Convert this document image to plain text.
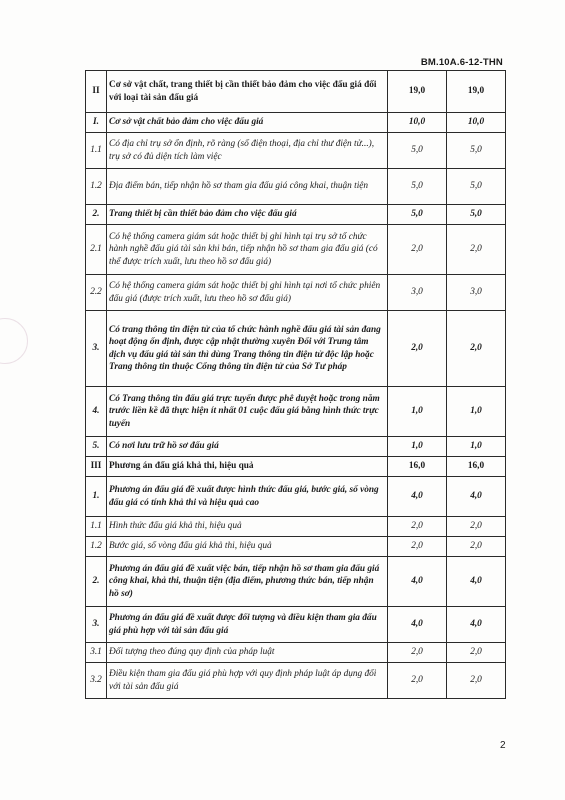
BM.10A.6-12-THN
II	Cơ sở vật chất, trang thiết bị cần thiết bảo đảm cho việc đấu giá đối với loại tài sản đấu giá	19,0	19,0
I.	Cơ sở vật chất bảo đảm cho việc đấu giá	10,0	10,0
1.1	Có địa chỉ trụ sở ổn định, rõ ràng (số điện thoại, địa chỉ thư điện tử...), trụ sở có đủ diện tích làm việc	5,0	5,0
1.2	Địa điểm bán, tiếp nhận hồ sơ tham gia đấu giá công khai, thuận tiện	5,0	5,0
2.	Trang thiết bị cần thiết bảo đảm cho việc đấu giá	5,0	5,0
2.1	Có hệ thống camera giám sát hoặc thiết bị ghi hình tại trụ sở tổ chức hành nghề đấu giá tài sản khi bán, tiếp nhận hồ sơ tham gia đấu giá (có thể được trích xuất, lưu theo hồ sơ đấu giá)	2,0	2,0
2.2	Có hệ thống camera giám sát hoặc thiết bị ghi hình tại nơi tổ chức phiên đấu giá (được trích xuất, lưu theo hồ sơ đấu giá)	3,0	3,0
3.	Có trang thông tin điện tử của tổ chức hành nghề đấu giá tài sản đang hoạt động ổn định, được cập nhật thường xuyên Đối với Trung tâm dịch vụ đấu giá tài sản thì dùng Trang thông tin điện tử độc lập hoặc Trang thông tin thuộc Cổng thông tin điện tử của Sở Tư pháp	2,0	2,0
4.	Có Trang thông tin đấu giá trực tuyến được phê duyệt hoặc trong năm trước liền kề đã thực hiện ít nhất 01 cuộc đấu giá bằng hình thức trực tuyến	1,0	1,0
5.	Có nơi lưu trữ hồ sơ đấu giá	1,0	1,0
III	Phương án đấu giá khả thi, hiệu quả	16,0	16,0
1.	Phương án đấu giá đề xuất được hình thức đấu giá, bước giá, số vòng đấu giá có tính khả thi và hiệu quả cao	4,0	4,0
1.1	Hình thức đấu giá khả thi, hiệu quả	2,0	2,0
1.2	Bước giá, số vòng đấu giá khả thi, hiệu quả	2,0	2,0
2.	Phương án đấu giá đề xuất việc bán, tiếp nhận hồ sơ tham gia đấu giá công khai, khả thi, thuận tiện (địa điểm, phương thức bán, tiếp nhận hồ sơ)	4,0	4,0
3.	Phương án đấu giá đề xuất được đối tượng và điều kiện tham gia đấu giá phù hợp với tài sản đấu giá	4,0	4,0
3.1	Đối tượng theo đúng quy định của pháp luật	2,0	2,0
3.2	Điều kiện tham gia đấu giá phù hợp với quy định pháp luật áp dụng đối với tài sản đấu giá	2,0	2,0
2
